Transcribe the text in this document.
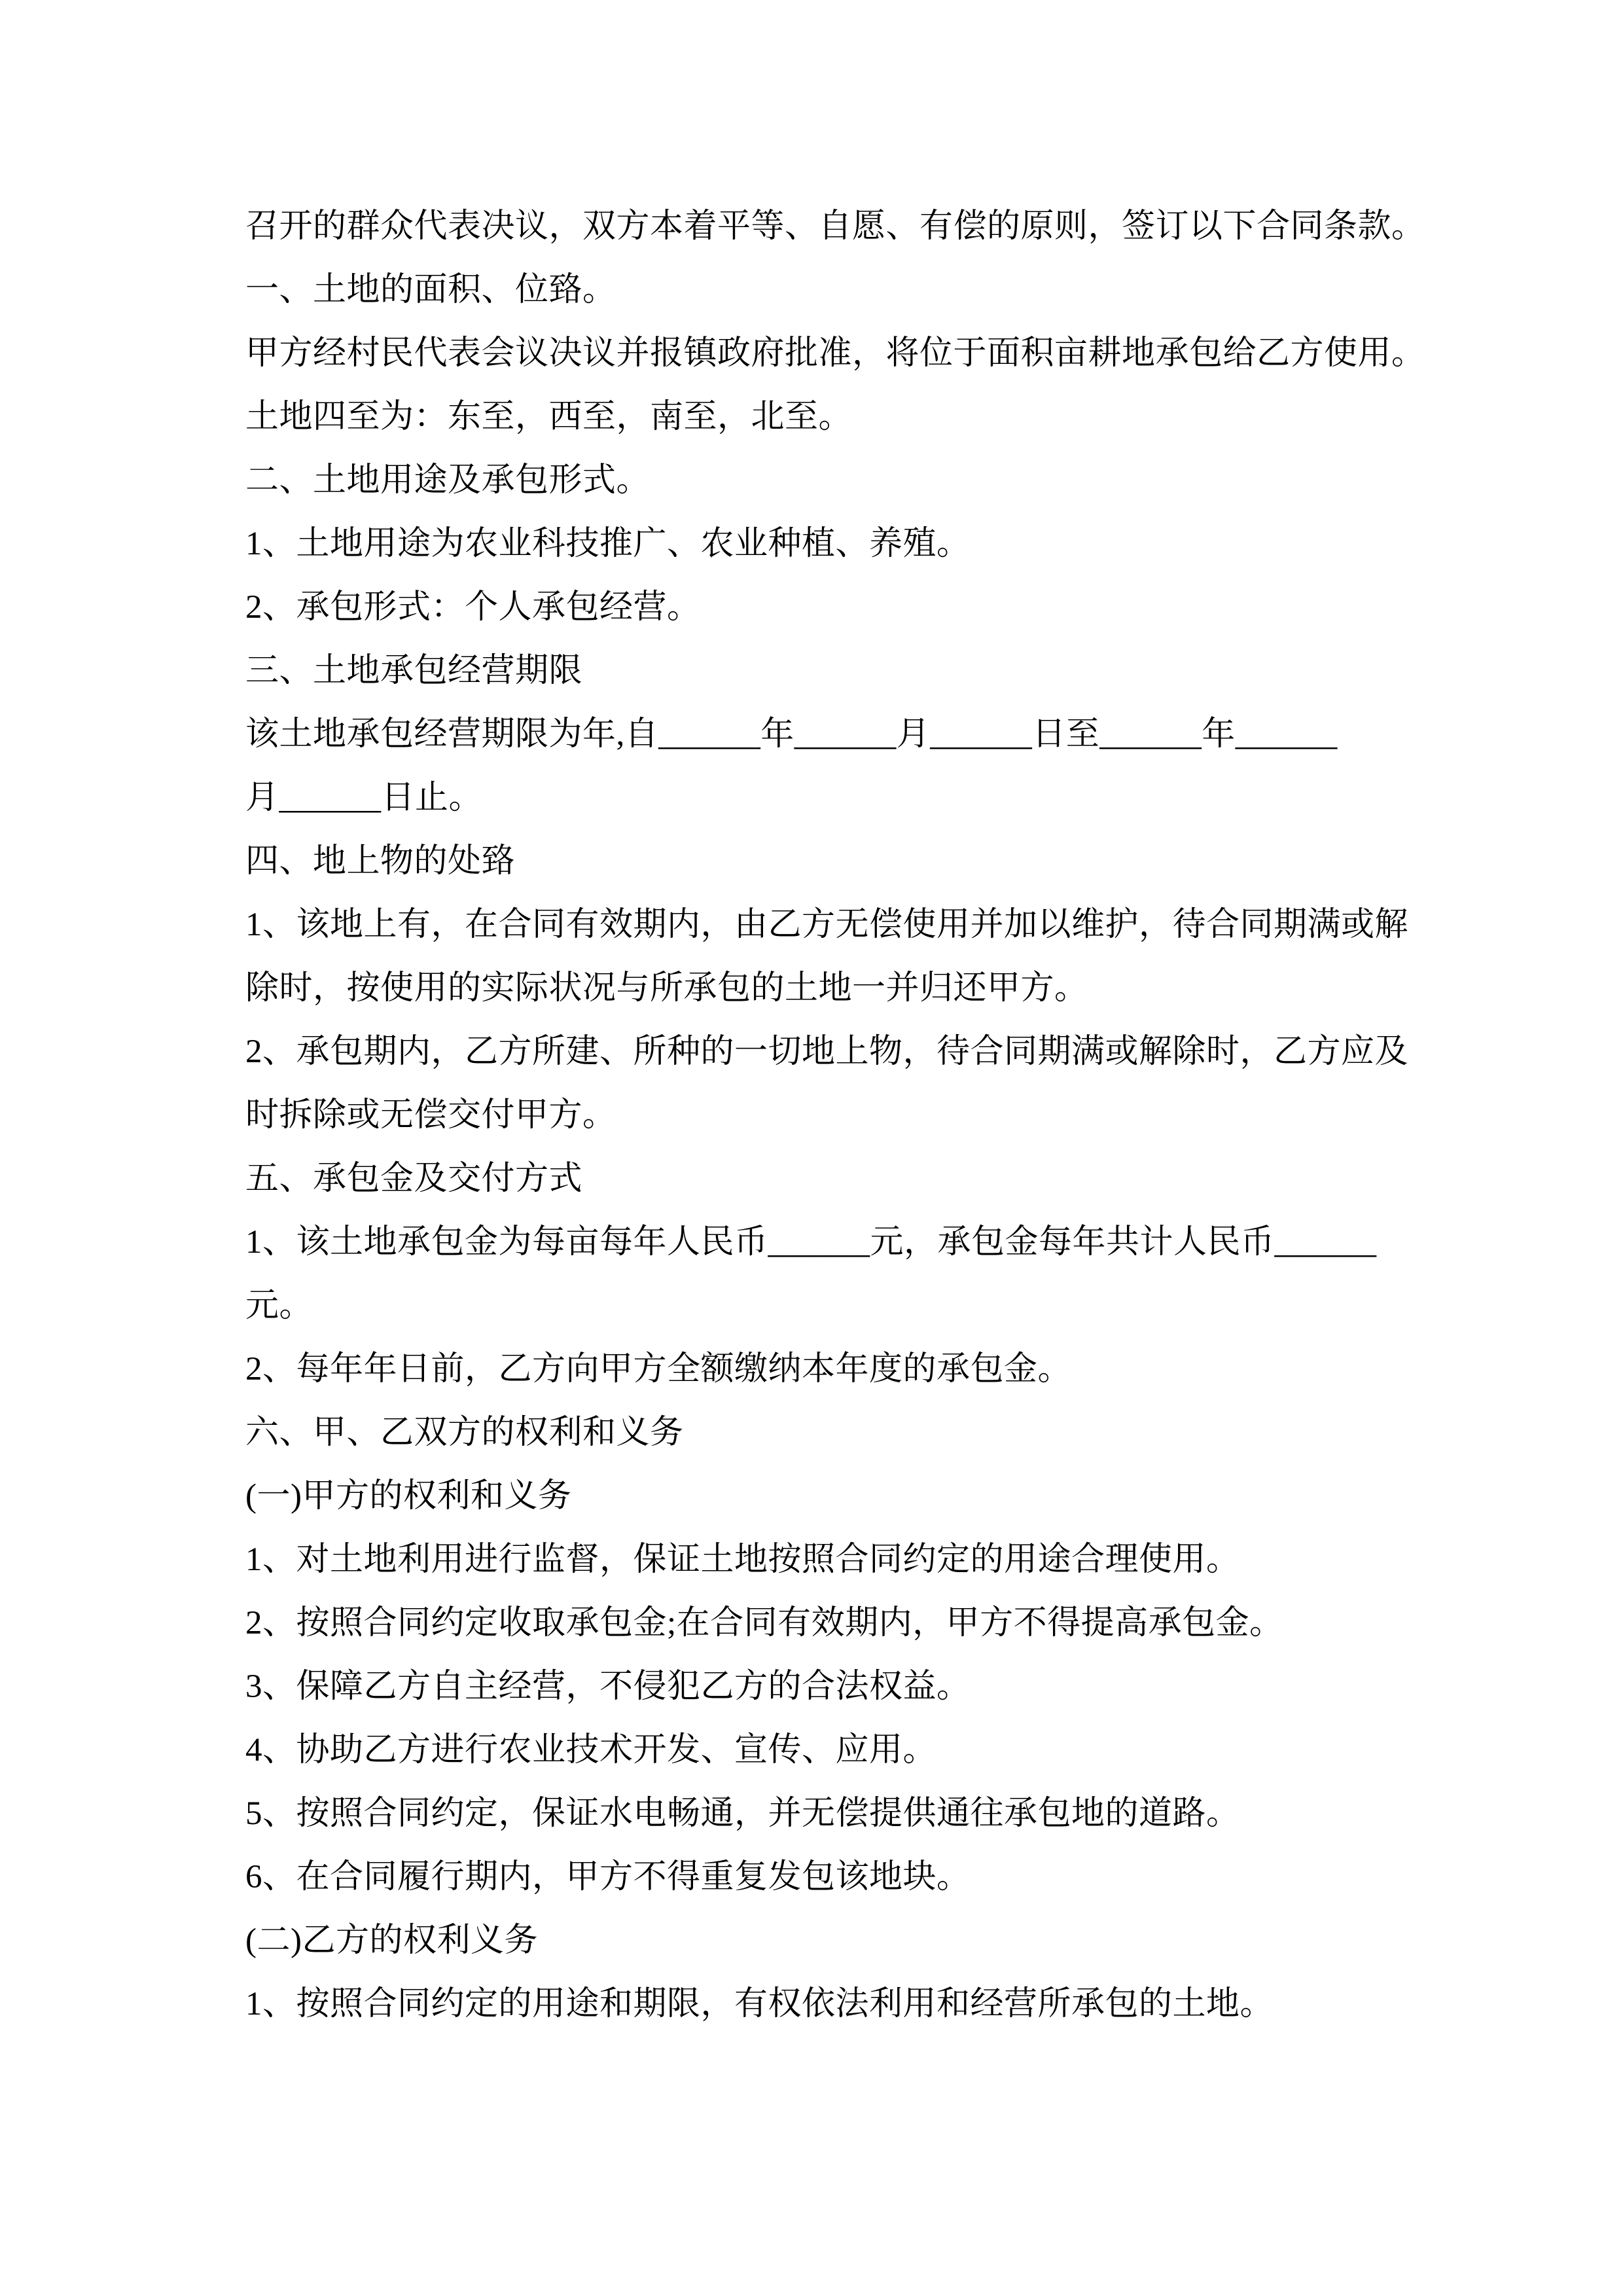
召开的群众代表决议，双方本着平等、自愿、有偿的原则，签订以下合同条款。
一、土地的面积、位臵。
甲方经村民代表会议决议并报镇政府批准，将位于面积亩耕地承包给乙方使用。
土地四至为：东至，西至，南至，北至。
二、土地用途及承包形式。
1、土地用途为农业科技推广、农业种植、养殖。
2、承包形式：个人承包经营。
三、土地承包经营期限
该土地承包经营期限为年,自______年______月______日至______年______
月______日止。
四、地上物的处臵
1、该地上有，在合同有效期内，由乙方无偿使用并加以维护，待合同期满或解
除时，按使用的实际状况与所承包的土地一并归还甲方。
2、承包期内，乙方所建、所种的一切地上物，待合同期满或解除时，乙方应及
时拆除或无偿交付甲方。
五、承包金及交付方式
1、该土地承包金为每亩每年人民币______元，承包金每年共计人民币______
元。
2、每年年日前，乙方向甲方全额缴纳本年度的承包金。
六、甲、乙双方的权利和义务
(一)甲方的权利和义务
1、对土地利用进行监督，保证土地按照合同约定的用途合理使用。
2、按照合同约定收取承包金;在合同有效期内，甲方不得提高承包金。
3、保障乙方自主经营，不侵犯乙方的合法权益。
4、协助乙方进行农业技术开发、宣传、应用。
5、按照合同约定，保证水电畅通，并无偿提供通往承包地的道路。
6、在合同履行期内，甲方不得重复发包该地块。
(二)乙方的权利义务
1、按照合同约定的用途和期限，有权依法利用和经营所承包的土地。
